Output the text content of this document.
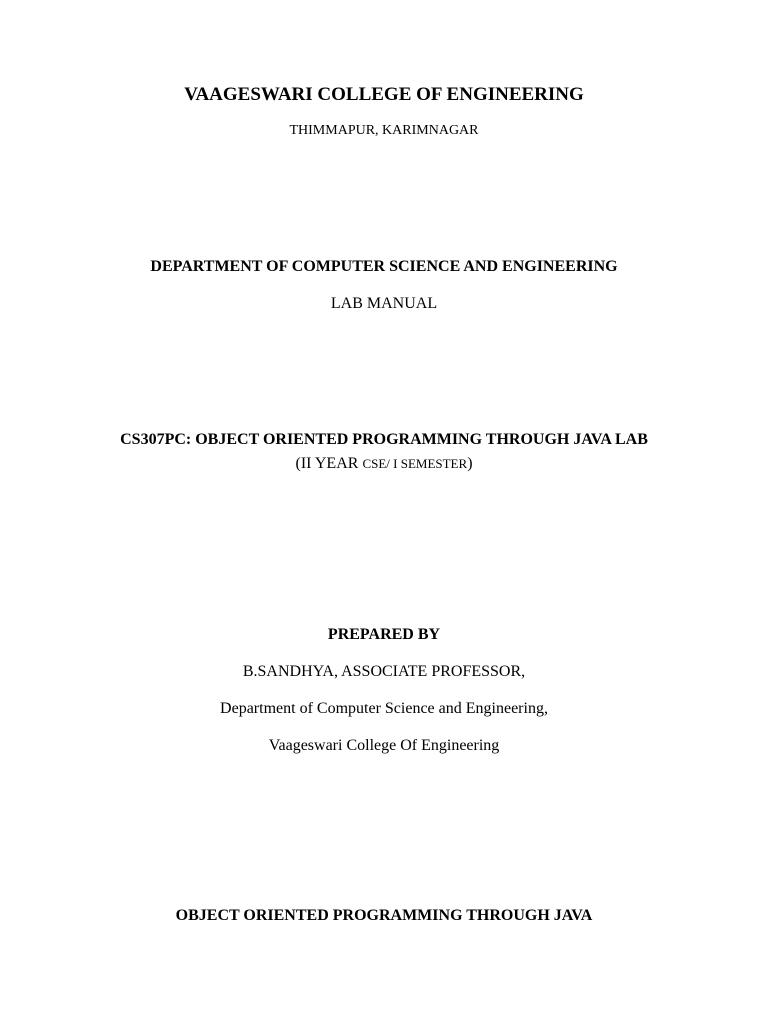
VAAGESWARI COLLEGE OF ENGINEERING
THIMMAPUR, KARIMNAGAR
DEPARTMENT OF COMPUTER SCIENCE AND ENGINEERING
LAB MANUAL
CS307PC: OBJECT ORIENTED PROGRAMMING THROUGH JAVA LAB
(II YEAR CSE/ I SEMESTER)
PREPARED BY
B.SANDHYA, ASSOCIATE PROFESSOR,
Department of Computer Science and Engineering,
Vaageswari College Of Engineering
OBJECT ORIENTED PROGRAMMING THROUGH JAVA
